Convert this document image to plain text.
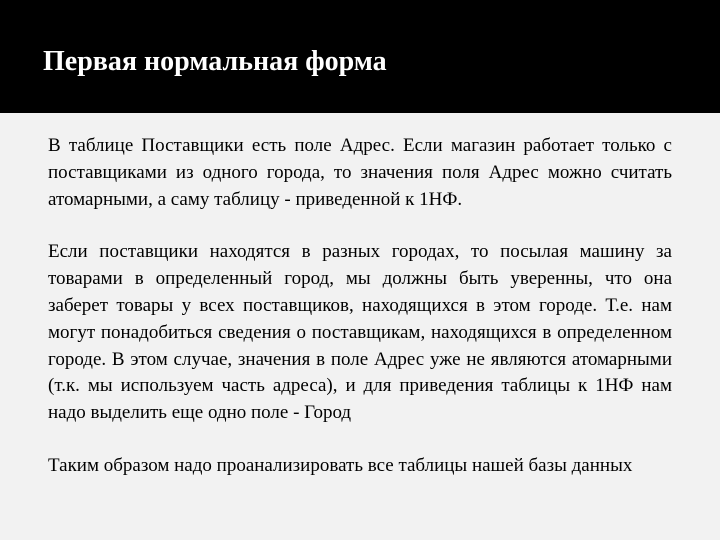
Первая нормальная форма

В таблице Поставщики есть поле Адрес. Если магазин работает только с поставщиками из одного города, то значения поля Адрес можно считать атомарными, а саму таблицу - приведенной к 1НФ.

Если поставщики находятся в разных городах, то посылая машину за товарами в определенный город, мы должны быть уверенны, что она заберет товары у всех поставщиков, находящихся в этом городе. Т.е. нам могут понадобиться сведения о поставщикам, находящихся в определенном городе. В этом случае, значения в поле Адрес уже не являются атомарными (т.к. мы используем часть адреса), и для приведения таблицы к 1НФ нам надо выделить еще одно поле - Город

Таким образом надо проанализировать все таблицы нашей базы данных
